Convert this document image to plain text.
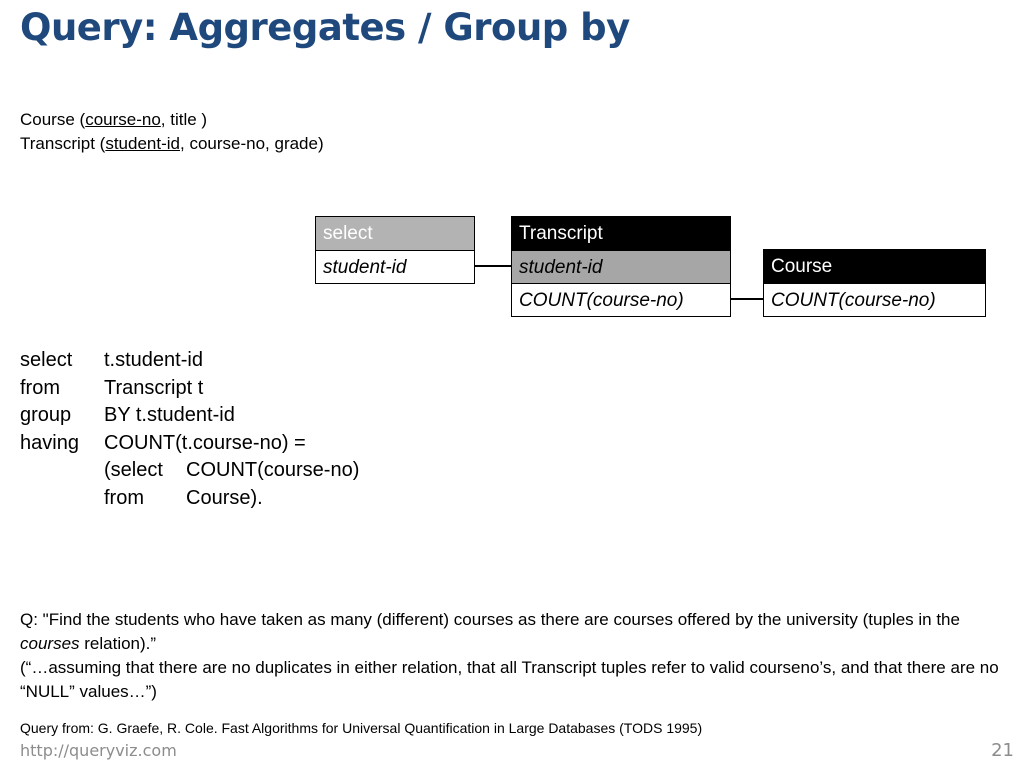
Query: Aggregates / Group by
Course (course-no, title )
Transcript (student-id, course-no, grade)
select
student-id
Transcript
student-id
COUNT(course-no)
Course
COUNT(course-no)
select t.student-id
from Transcript t
group BY t.student-id
having COUNT(t.course-no) =
(select COUNT(course-no)
from Course).
Q: "Find the students who have taken as many (different) courses as there are courses offered by the university (tuples in the courses relation).”
(“…assuming that there are no duplicates in either relation, that all Transcript tuples refer to valid courseno’s, and that there are no “NULL” values…”)
Query from: G. Graefe, R. Cole. Fast Algorithms for Universal Quantification in Large Databases (TODS 1995)
http://queryviz.com	21
